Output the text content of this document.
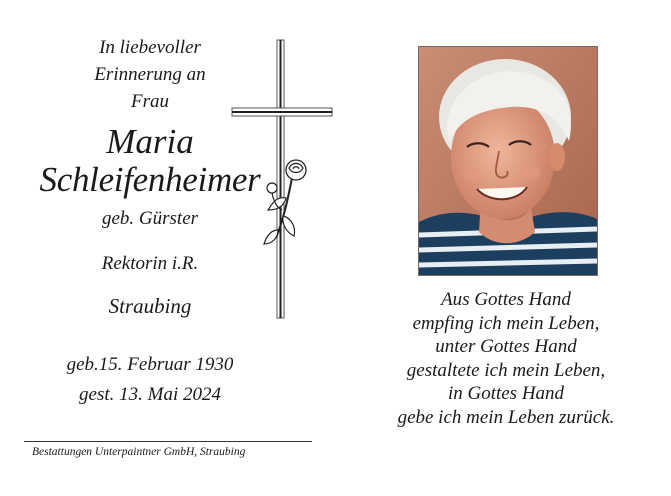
In liebevoller
Erinnerung an
Frau
Maria
Schleifenheimer
geb. Gürster
Rektorin i.R.
Straubing
geb.15. Februar 1930
gest. 13. Mai 2024
Bestattungen Unterpaintner GmbH, Straubing
Aus Gottes Hand
empfing ich mein Leben,
unter Gottes Hand
gestaltete ich mein Leben,
in Gottes Hand
gebe ich mein Leben zurück.
